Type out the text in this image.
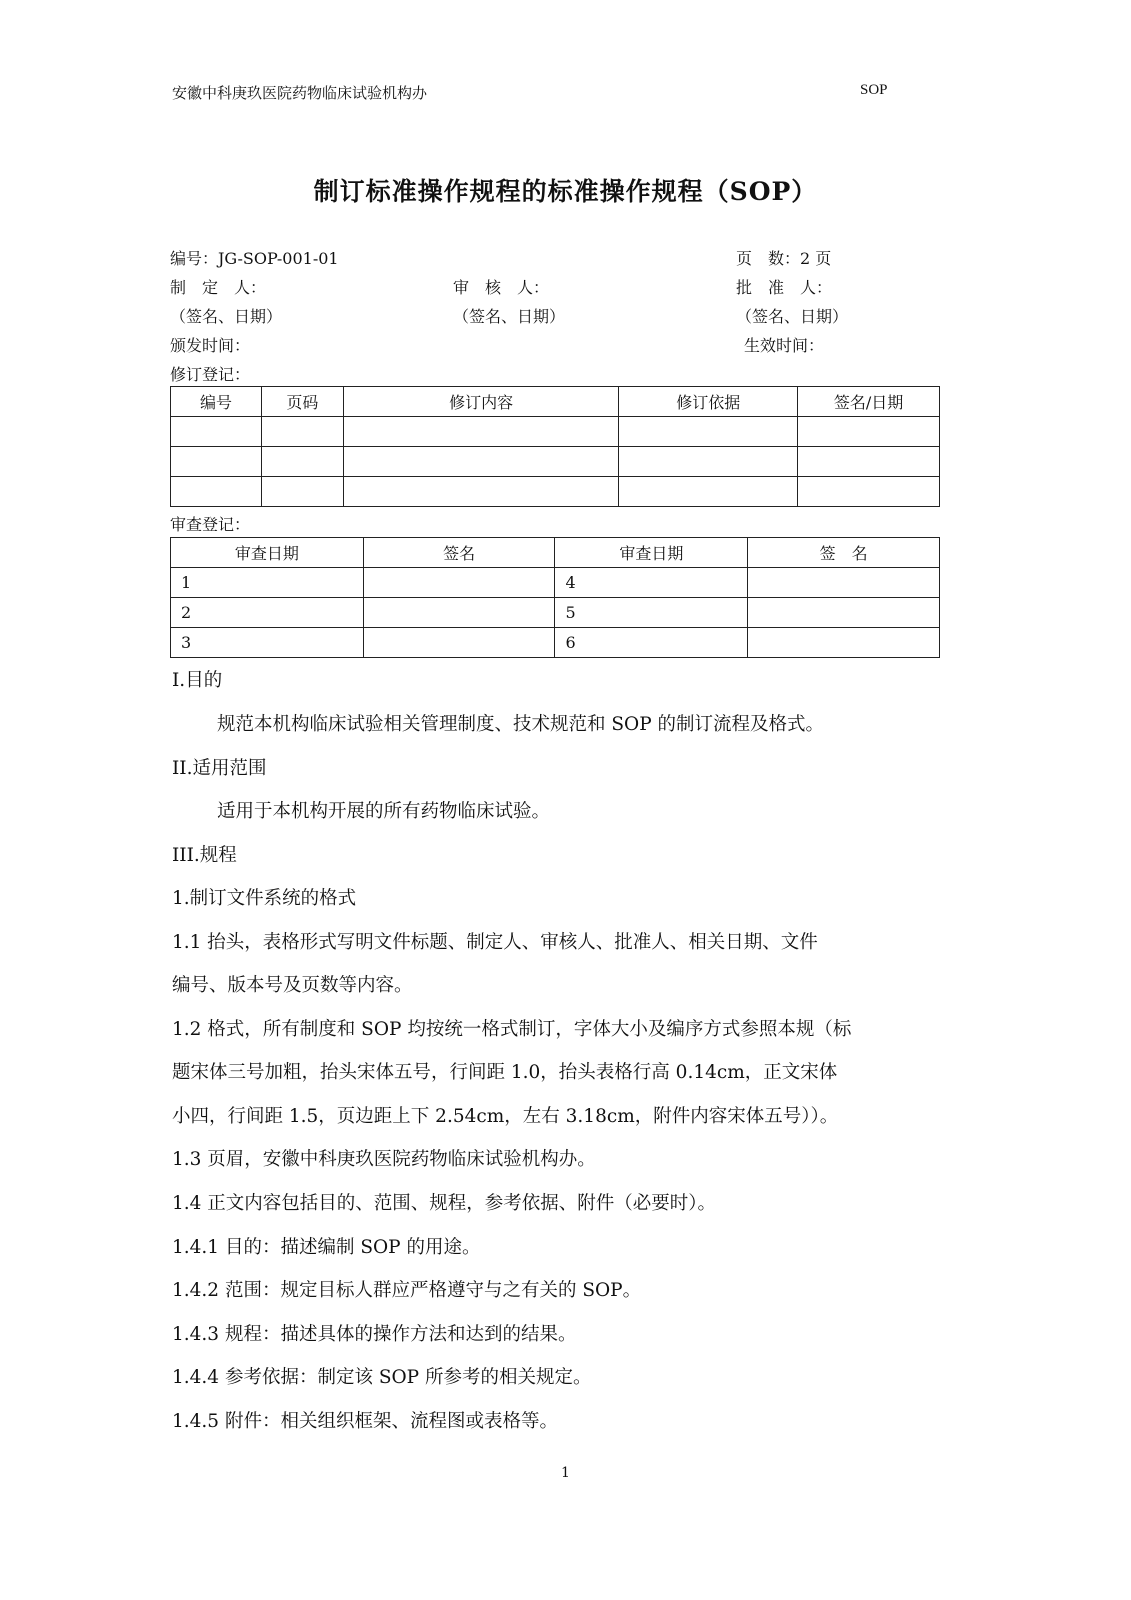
安徽中科庚玖医院药物临床试验机构办	SOP
制订标准操作规程的标准操作规程（SOP）
编号：JG-SOP-001-01	页　数：2 页
制　定　人：	审　核　人：	批　准　人：
（签名、日期）	（签名、日期）	（签名、日期）
颁发时间：	生效时间：
修订登记：
编号	页码	修订内容	修订依据	签名/日期

审查登记：
审查日期	签名	审查日期	签　名
1		4	
2		5	
3		6	
I.目的
规范本机构临床试验相关管理制度、技术规范和 SOP 的制订流程及格式。
II.适用范围
适用于本机构开展的所有药物临床试验。
III.规程
1.制订文件系统的格式
1.1 抬头，表格形式写明文件标题、制定人、审核人、批准人、相关日期、文件
编号、版本号及页数等内容。
1.2 格式，所有制度和 SOP 均按统一格式制订，字体大小及编序方式参照本规（标
题宋体三号加粗，抬头宋体五号，行间距 1.0，抬头表格行高 0.14cm，正文宋体
小四，行间距 1.5，页边距上下 2.54cm，左右 3.18cm，附件内容宋体五号））。
1.3 页眉，安徽中科庚玖医院药物临床试验机构办。
1.4 正文内容包括目的、范围、规程，参考依据、附件（必要时）。
1.4.1 目的：描述编制 SOP 的用途。
1.4.2 范围：规定目标人群应严格遵守与之有关的 SOP。
1.4.3 规程：描述具体的操作方法和达到的结果。
1.4.4 参考依据：制定该 SOP 所参考的相关规定。
1.4.5 附件：相关组织框架、流程图或表格等。
1
